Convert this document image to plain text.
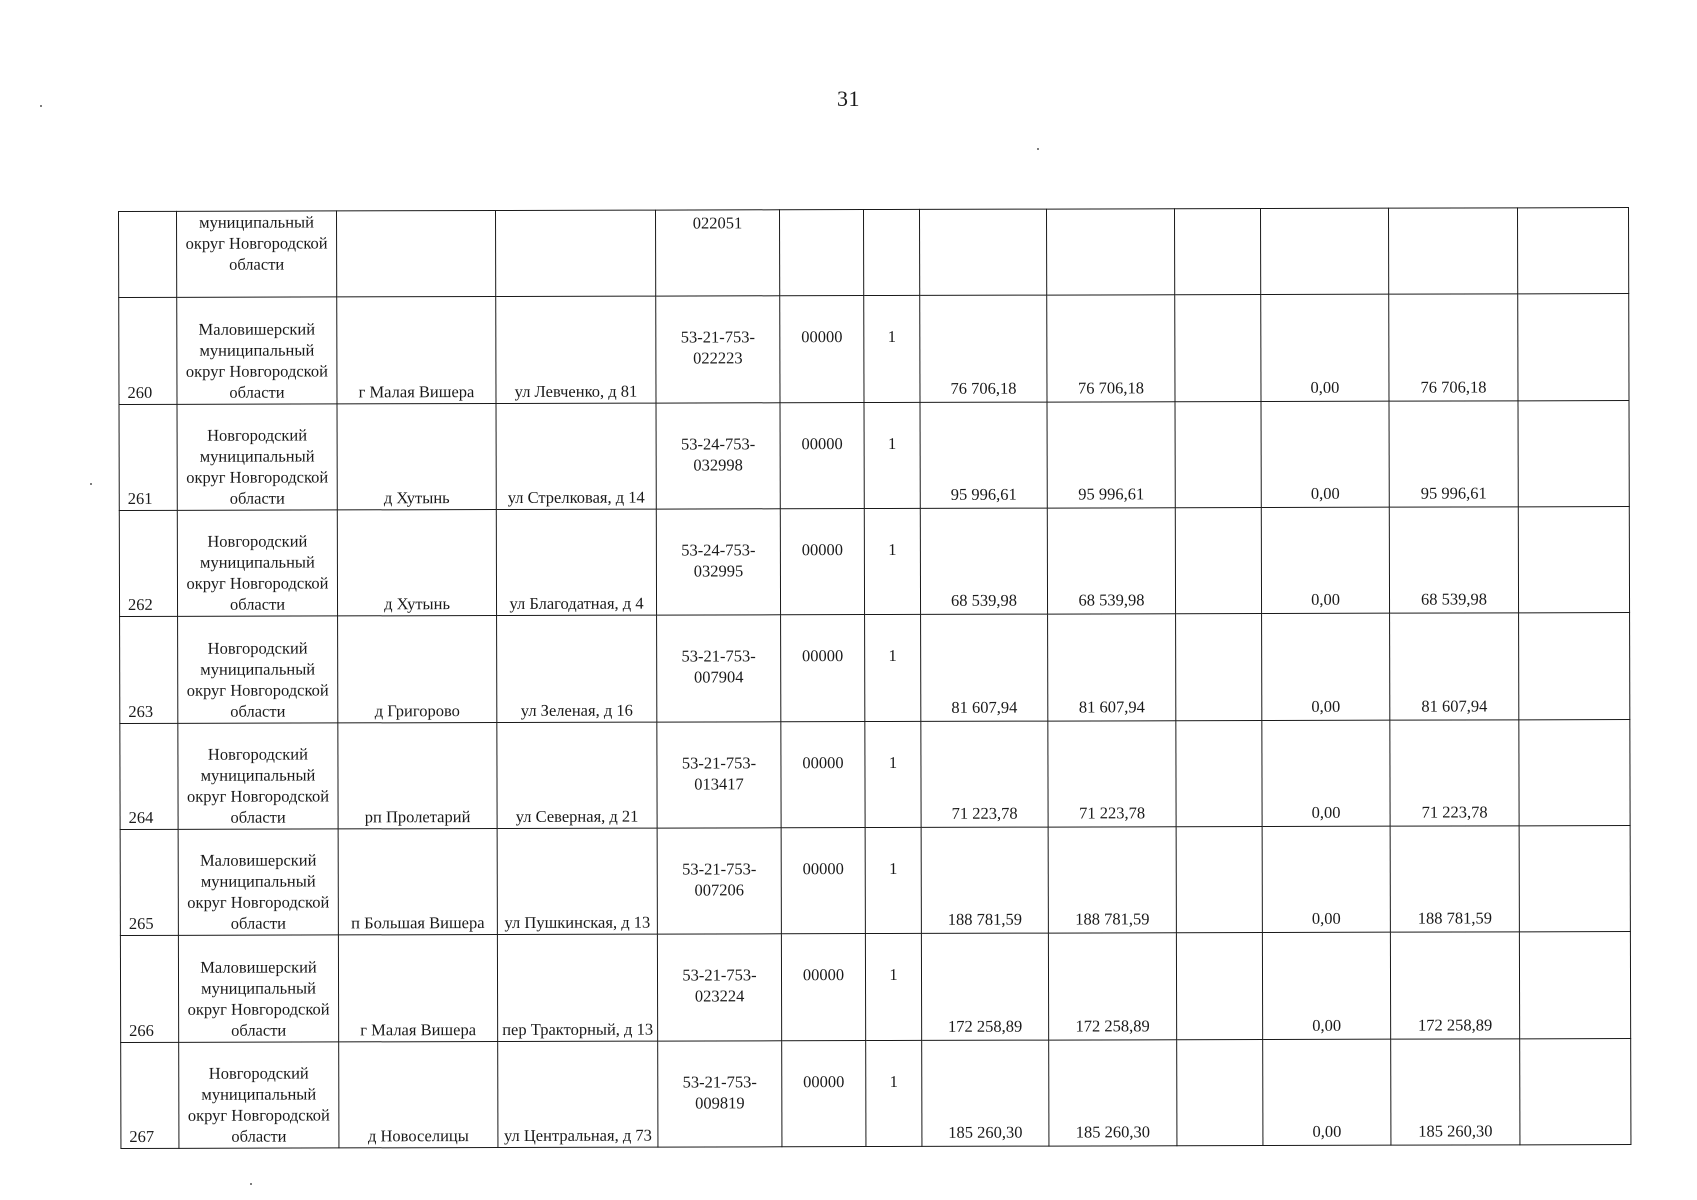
31
	муниципальный округ Новгородской области			022051								
260	Маловишерский муниципальный округ Новгородской области	г Малая Вишера	ул Левченко, д 81	53-21-753-022223	00000	1	76 706,18	76 706,18		0,00	76 706,18	
261	Новгородский муниципальный округ Новгородской области	д Хутынь	ул Стрелковая, д 14	53-24-753-032998	00000	1	95 996,61	95 996,61		0,00	95 996,61	
262	Новгородский муниципальный округ Новгородской области	д Хутынь	ул Благодатная, д 4	53-24-753-032995	00000	1	68 539,98	68 539,98		0,00	68 539,98	
263	Новгородский муниципальный округ Новгородской области	д Григорово	ул Зеленая, д 16	53-21-753-007904	00000	1	81 607,94	81 607,94		0,00	81 607,94	
264	Новгородский муниципальный округ Новгородской области	рп Пролетарий	ул Северная, д 21	53-21-753-013417	00000	1	71 223,78	71 223,78		0,00	71 223,78	
265	Маловишерский муниципальный округ Новгородской области	п Большая Вишера	ул Пушкинская, д 13	53-21-753-007206	00000	1	188 781,59	188 781,59		0,00	188 781,59	
266	Маловишерский муниципальный округ Новгородской области	г Малая Вишера	пер Тракторный, д 13	53-21-753-023224	00000	1	172 258,89	172 258,89		0,00	172 258,89	
267	Новгородский муниципальный округ Новгородской области	д Новоселицы	ул Центральная, д 73	53-21-753-009819	00000	1	185 260,30	185 260,30		0,00	185 260,30	
